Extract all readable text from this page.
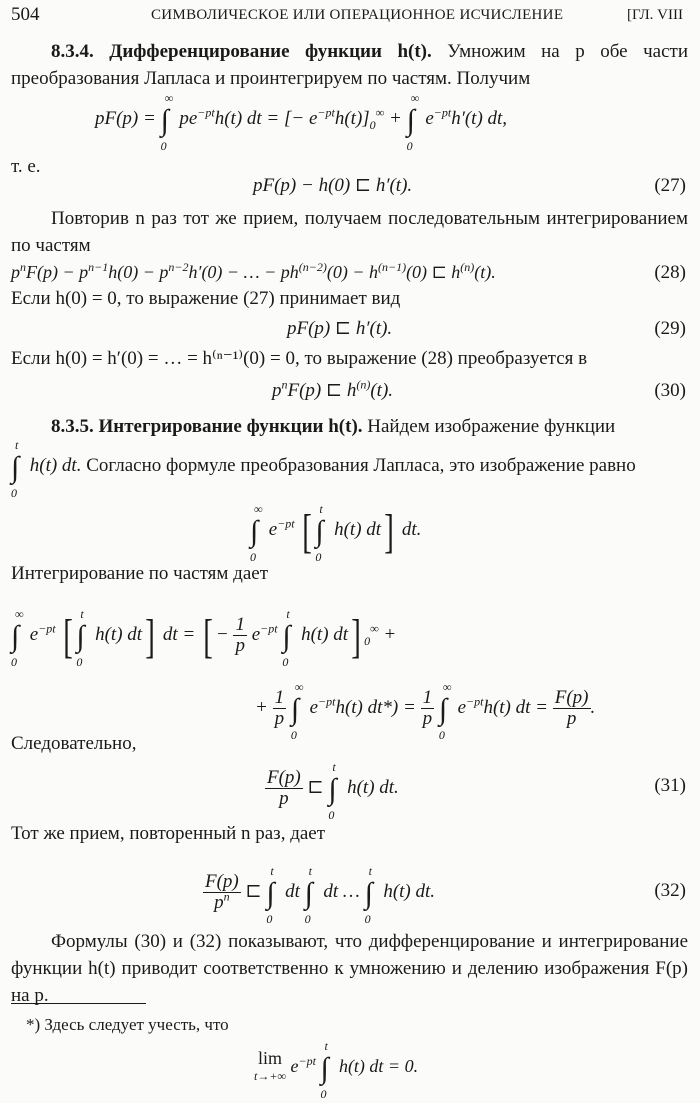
504	СИМВОЛИЧЕСКОЕ ИЛИ ОПЕРАЦИОННОЕ ИСЧИСЛЕНИЕ	[ГЛ. VIII
8.3.4. Дифференцирование функции h(t). Умножим на p обе части преобразования Лапласа и проинтегрируем по частям. Получим
pF(p) = ∫
∞
0
$pe^{-pt}h(t)$ dt = [− $e^{-pt}h(t)]_0^\infty$ + ∫
∞
0
$e^{-pt}h'(t)$ dt,
т. е.
pF(p) − h(0) ⊏ h′(t).	(27)
Повторив n раз тот же прием, получаем последовательным интегрированием по частям
$p^nF(p) - p^{n-1}h(0) - p^{n-2}h'(0)$ − … − $ph^{(n-2)}(0) - h^{(n-1)}(0)$ ⊏ $h^{(n)}(t)$.	(28)
Если h(0) = 0, то выражение (27) принимает вид
pF(p) ⊏ h′(t).	(29)
Если h(0) = h′(0) = … = h⁽ⁿ⁻¹⁾(0) = 0, то выражение (28) преобразуется в
$p^nF(p)$ ⊏ $h^{(n)}(t)$.	(30)
8.3.5. Интегрирование функции h(t). Найдем изображение функции
∫
t
0
h(t) dt. Согласно формуле преобразования Лапласа, это изображение равно
∫
∞
0
$e^{-pt}$ [ ∫
t
0
h(t) dt] dt.
Интегрирование по частям дает
∫
∞
0
$e^{-pt}$ [ ∫
t
0
h(t) dt] dt = [ − $\frac{1}{p} e^{-pt}$ ∫
t
0
h(t) dt] $_0$∞ +
+ $\frac{1}{p}$ ∫
∞
0
$e^{-pt}h(t) dt*) = \frac{1}{p}$ ∫
∞
0
$e^{-pt}h(t)$ dt = $\frac{F(p)}{p}$ .
Следовательно,
$\frac{F(p)}{p}$ ⊏ ∫
t
0
h(t) dt.	(31)
Тот же прием, повторенный n раз, дает
$\frac{F(p)}{p^n}$ ⊏ ∫
t
0
dt ∫
t
0
dt … ∫
t
0
h(t) dt.	(32)
Формулы (30) и (32) показывают, что дифференцирование и интегрирование функции h(t) приводит соответственно к умножению и делению изображения F(p) на p.
*) Здесь следует учесть, что
lim
t→+∞ $e^{-pt}$ ∫
t
0
h(t) dt = 0.
